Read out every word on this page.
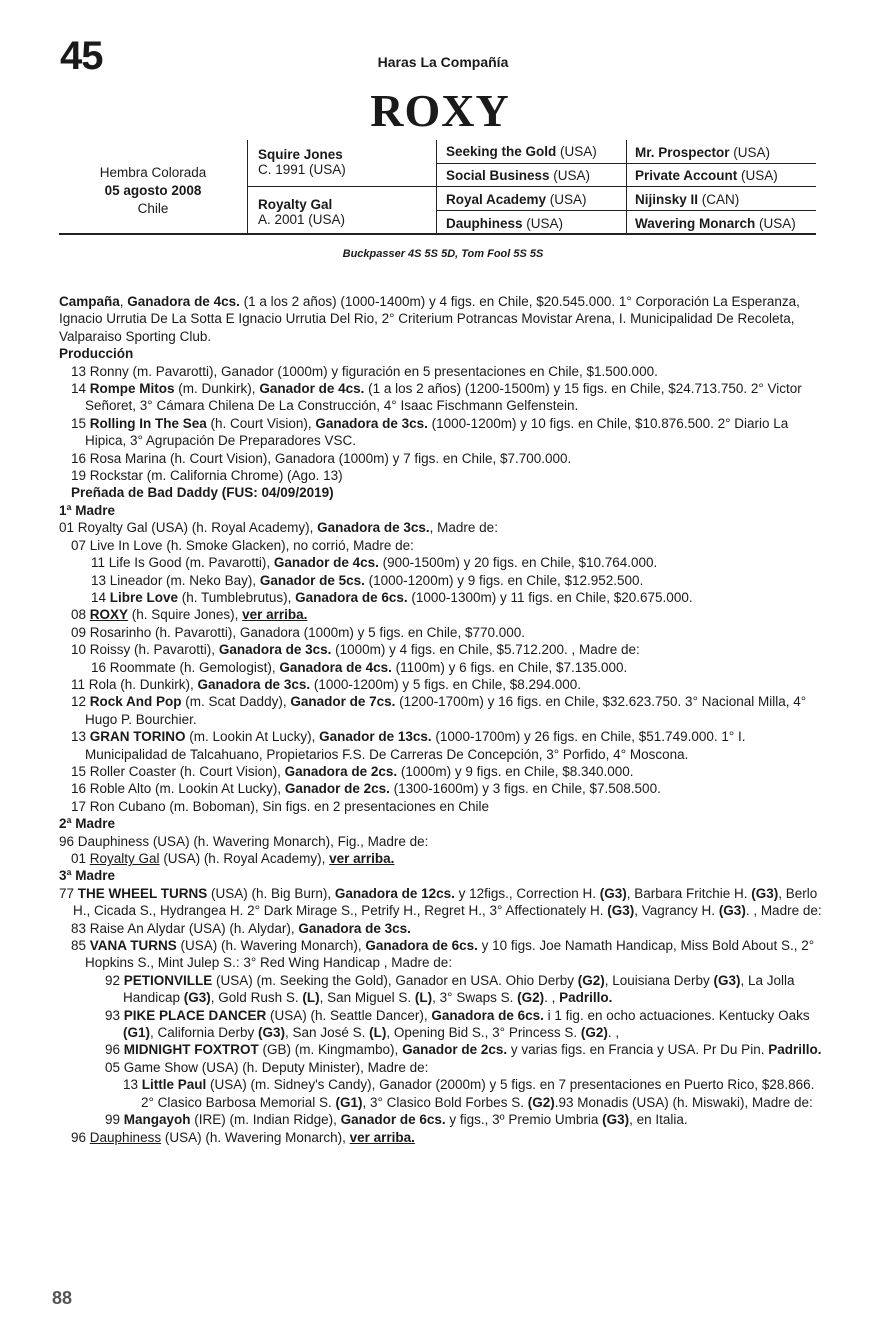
45	Haras La Compañía
ROXY
Hembra Colorada
05 agosto 2008
Chile
Squire Jones
C. 1991 (USA)
Royalty Gal
A. 2001 (USA)
Seeking the Gold (USA)
Social Business (USA)
Royal Academy (USA)
Dauphiness (USA)
Mr. Prospector (USA)
Private Account (USA)
Nijinsky II (CAN)
Wavering Monarch (USA)
Buckpasser 4S 5S 5D, Tom Fool 5S 5S

Campaña, Ganadora de 4cs. (1 a los 2 años) (1000-1400m) y 4 figs. en Chile, $20.545.000. 1° Corporación La Esperanza, Ignacio Urrutia De La Sotta E Ignacio Urrutia Del Rio, 2° Criterium Potrancas Movistar Arena, I. Municipalidad De Recoleta, Valparaiso Sporting Club.

Producción

13 Ronny (m. Pavarotti), Ganador (1000m) y figuración en 5 presentaciones en Chile, $1.500.000.

14 Rompe Mitos (m. Dunkirk), Ganador de 4cs. (1 a los 2 años) (1200-1500m) y 15 figs. en Chile, $24.713.750. 2° Victor Señoret, 3° Cámara Chilena De La Construcción, 4° Isaac Fischmann Gelfenstein.

15 Rolling In The Sea (h. Court Vision), Ganadora de 3cs. (1000-1200m) y 10 figs. en Chile, $10.876.500. 2° Diario La Hipica, 3° Agrupación De Preparadores VSC.

16 Rosa Marina (h. Court Vision), Ganadora (1000m) y 7 figs. en Chile, $7.700.000.

19 Rockstar (m. California Chrome) (Ago. 13)

Preñada de Bad Daddy (FUS: 04/09/2019)

1ª Madre

01 Royalty Gal (USA) (h. Royal Academy), Ganadora de 3cs., Madre de:

07 Live In Love (h. Smoke Glacken), no corrió, Madre de:

11 Life Is Good (m. Pavarotti), Ganador de 4cs. (900-1500m) y 20 figs. en Chile, $10.764.000.

13 Lineador (m. Neko Bay), Ganador de 5cs. (1000-1200m) y 9 figs. en Chile, $12.952.500.

14 Libre Love (h. Tumblebrutus), Ganadora de 6cs. (1000-1300m) y 11 figs. en Chile, $20.675.000.

08 ROXY (h. Squire Jones), ver arriba.

09 Rosarinho (h. Pavarotti), Ganadora (1000m) y 5 figs. en Chile, $770.000.

10 Roissy (h. Pavarotti), Ganadora de 3cs. (1000m) y 4 figs. en Chile, $5.712.200. , Madre de:

16 Roommate (h. Gemologist), Ganadora de 4cs. (1100m) y 6 figs. en Chile, $7.135.000.

11 Rola (h. Dunkirk), Ganadora de 3cs. (1000-1200m) y 5 figs. en Chile, $8.294.000.

12 Rock And Pop (m. Scat Daddy), Ganador de 7cs. (1200-1700m) y 16 figs. en Chile, $32.623.750. 3° Nacional Milla, 4° Hugo P. Bourchier.

13 GRAN TORINO (m. Lookin At Lucky), Ganador de 13cs. (1000-1700m) y 26 figs. en Chile, $51.749.000. 1° I. Municipalidad de Talcahuano, Propietarios F.S. De Carreras De Concepción, 3° Porfido, 4° Moscona.

15 Roller Coaster (h. Court Vision), Ganadora de 2cs. (1000m) y 9 figs. en Chile, $8.340.000.

16 Roble Alto (m. Lookin At Lucky), Ganador de 2cs. (1300-1600m) y 3 figs. en Chile, $7.508.500.

17 Ron Cubano (m. Boboman), Sin figs. en 2 presentaciones en Chile

2ª Madre

96 Dauphiness (USA) (h. Wavering Monarch), Fig., Madre de:

01 Royalty Gal (USA) (h. Royal Academy), ver arriba.

3ª Madre

77 THE WHEEL TURNS (USA) (h. Big Burn), Ganadora de 12cs. y 12figs., Correction H. (G3), Barbara Fritchie H. (G3), Berlo H., Cicada S., Hydrangea H. 2° Dark Mirage S., Petrify H., Regret H., 3° Affectionately H. (G3), Vagrancy H. (G3). , Madre de:

83 Raise An Alydar (USA) (h. Alydar), Ganadora de 3cs.

85 VANA TURNS (USA) (h. Wavering Monarch), Ganadora de 6cs. y 10 figs. Joe Namath Handicap, Miss Bold About S., 2° Hopkins S., Mint Julep S.: 3° Red Wing Handicap , Madre de:

92 PETIONVILLE (USA) (m. Seeking the Gold), Ganador en USA. Ohio Derby (G2), Louisiana Derby (G3), La Jolla Handicap (G3), Gold Rush S. (L), San Miguel S. (L), 3° Swaps S. (G2). , Padrillo.

93 PIKE PLACE DANCER (USA) (h. Seattle Dancer), Ganadora de 6cs. i 1 fig. en ocho actuaciones. Kentucky Oaks (G1), California Derby (G3), San José S. (L), Opening Bid S., 3° Princess S. (G2). ,

96 MIDNIGHT FOXTROT (GB) (m. Kingmambo), Ganador de 2cs. y varias figs. en Francia y USA. Pr Du Pin. Padrillo.

05 Game Show (USA) (h. Deputy Minister), Madre de:

13 Little Paul (USA) (m. Sidney's Candy), Ganador (2000m) y 5 figs. en 7 presentaciones en Puerto Rico, $28.866. 2° Clasico Barbosa Memorial S. (G1), 3° Clasico Bold Forbes S. (G2).93 Monadis (USA) (h. Miswaki), Madre de:

99 Mangayoh (IRE) (m. Indian Ridge), Ganador de 6cs. y figs., 3º Premio Umbria (G3), en Italia.

96 Dauphiness (USA) (h. Wavering Monarch), ver arriba.

88
